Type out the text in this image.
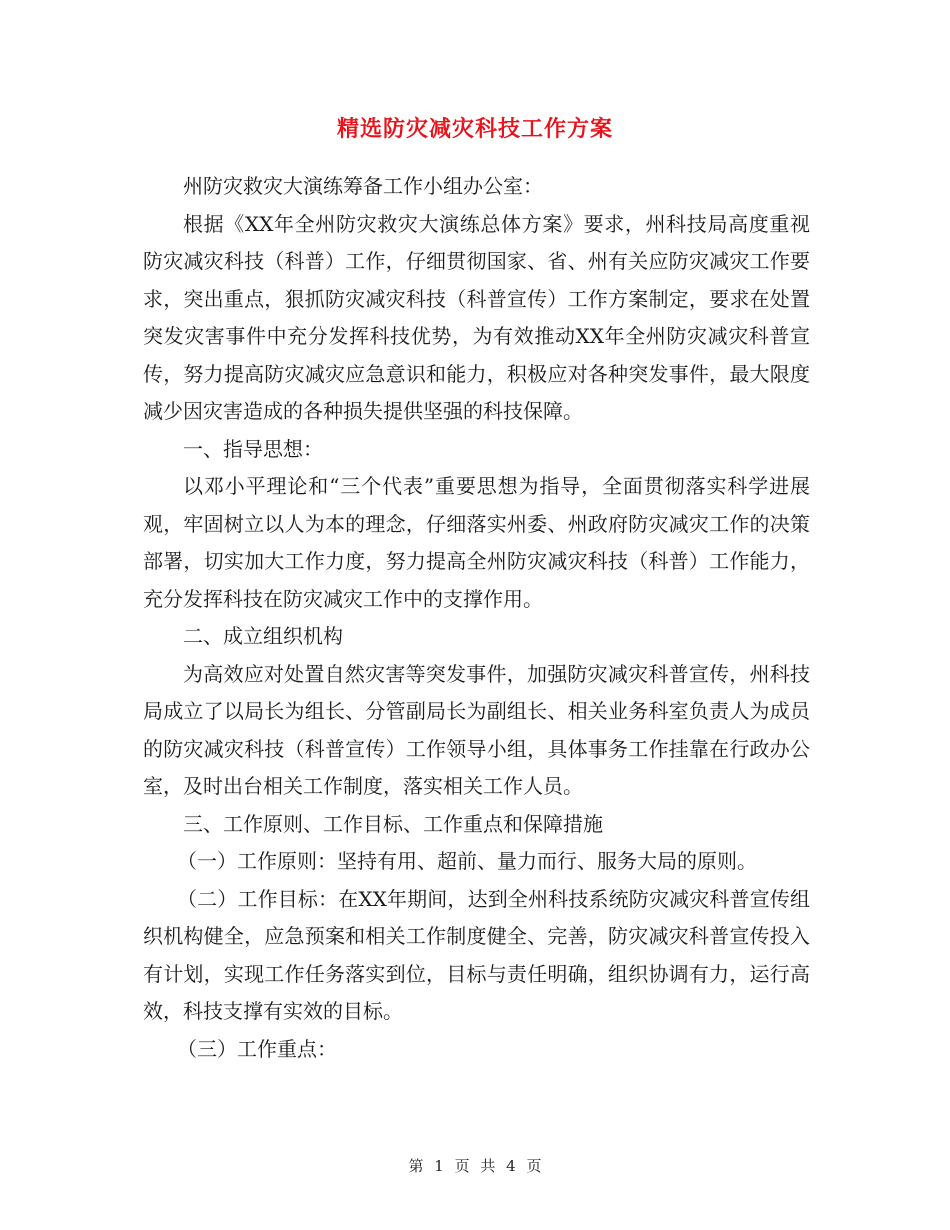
精选防灾减灾科技工作方案

州防灾救灾大演练筹备工作小组办公室：

根据《XX年全州防灾救灾大演练总体方案》要求，州科技局高度重视防灾减灾科技（科普）工作，仔细贯彻国家、省、州有关应防灾减灾工作要求，突出重点，狠抓防灾减灾科技（科普宣传）工作方案制定，要求在处置突发灾害事件中充分发挥科技优势，为有效推动XX年全州防灾减灾科普宣传，努力提高防灾减灾应急意识和能力，积极应对各种突发事件，最大限度减少因灾害造成的各种损失提供坚强的科技保障。

一、指导思想：

以邓小平理论和“三个代表”重要思想为指导，全面贯彻落实科学进展观，牢固树立以人为本的理念，仔细落实州委、州政府防灾减灾工作的决策部署，切实加大工作力度，努力提高全州防灾减灾科技（科普）工作能力，充分发挥科技在防灾减灾工作中的支撑作用。

二、成立组织机构

为高效应对处置自然灾害等突发事件，加强防灾减灾科普宣传，州科技局成立了以局长为组长、分管副局长为副组长、相关业务科室负责人为成员的防灾减灾科技（科普宣传）工作领导小组，具体事务工作挂靠在行政办公室，及时出台相关工作制度，落实相关工作人员。

三、工作原则、工作目标、工作重点和保障措施

（一）工作原则：坚持有用、超前、量力而行、服务大局的原则。

（二）工作目标：在XX年期间，达到全州科技系统防灾减灾科普宣传组织机构健全，应急预案和相关工作制度健全、完善，防灾减灾科普宣传投入有计划，实现工作任务落实到位，目标与责任明确，组织协调有力，运行高效，科技支撑有实效的目标。

（三）工作重点：

第 1 页 共 4 页
